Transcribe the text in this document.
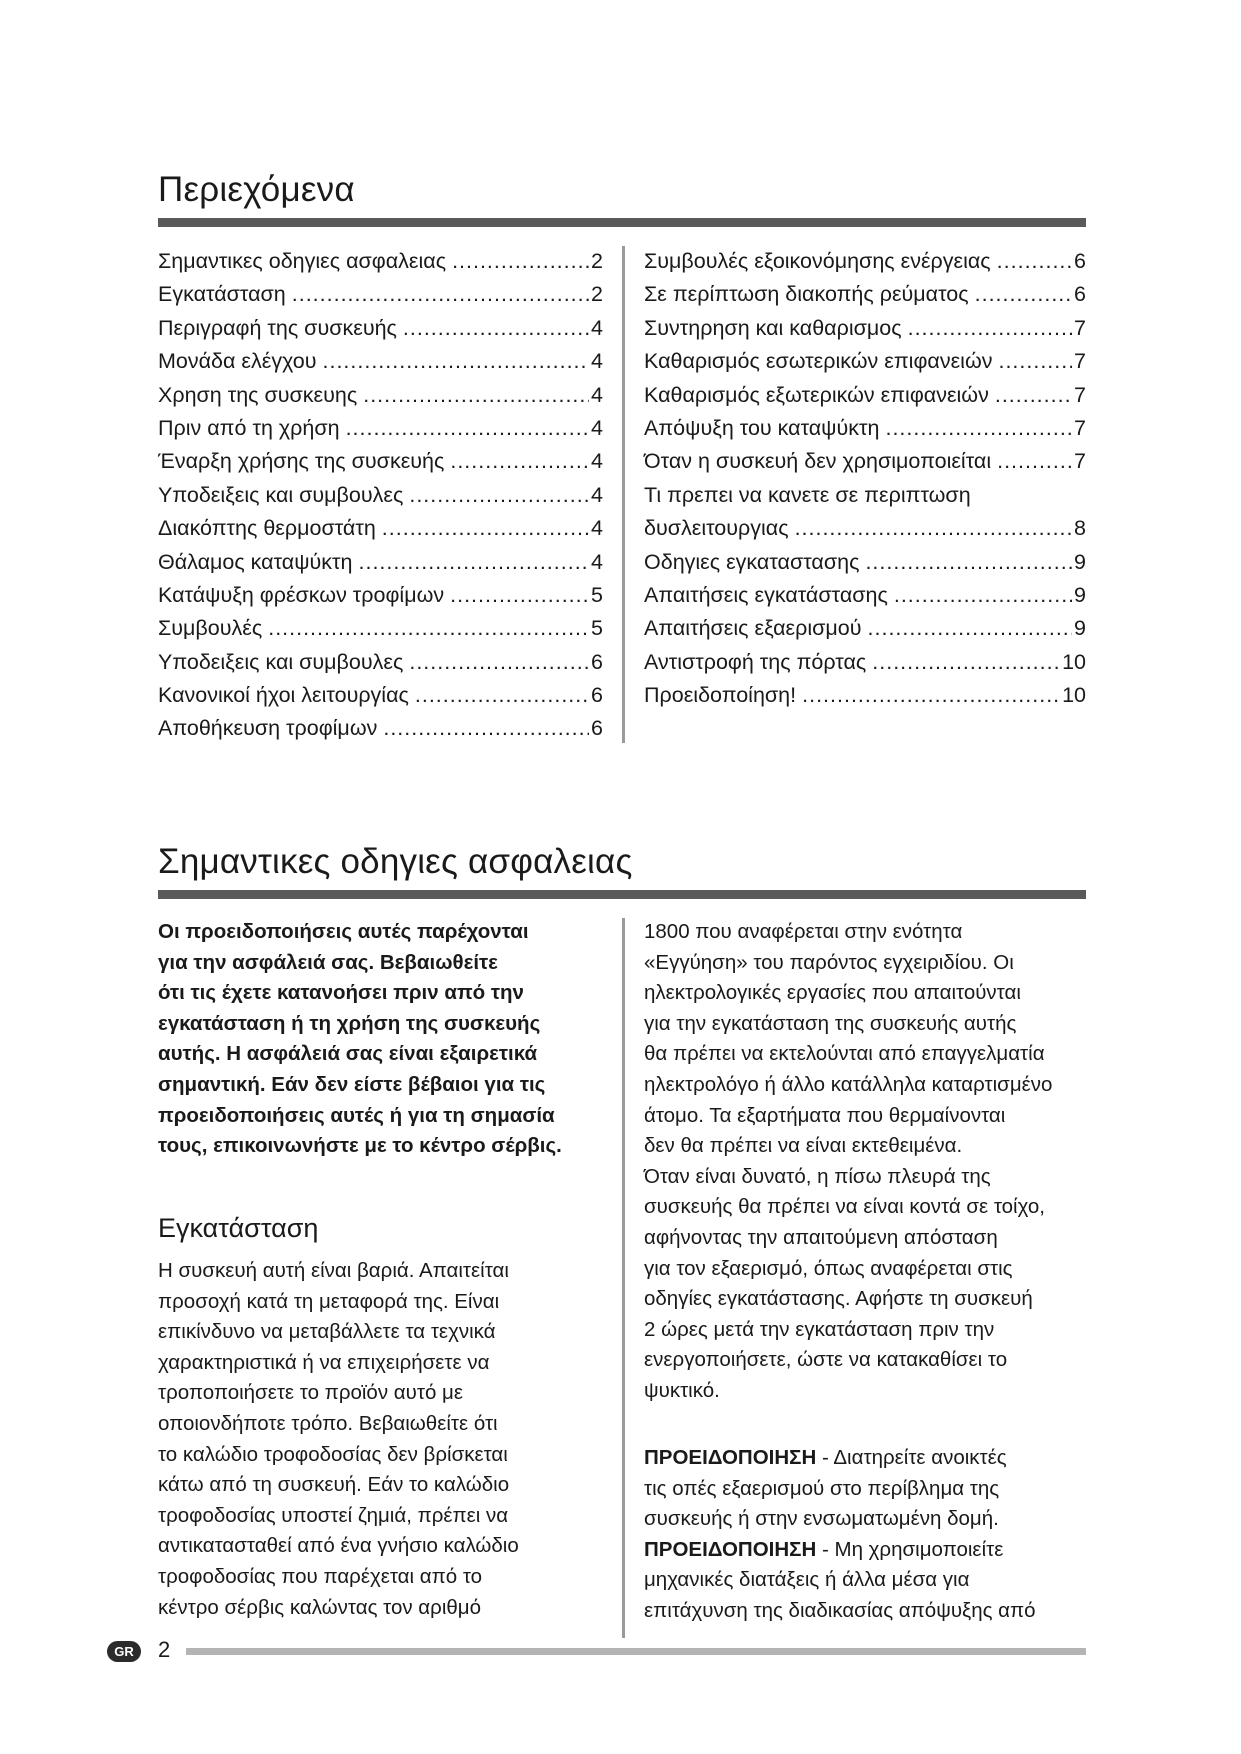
Περιεχόμενα
Σημαντικες οδηγιες ασφαλειας .....	2
Εγκατάσταση .....	2
Περιγραφή της συσκευής .....	4
Μονάδα ελέγχου .....	4
Χρηση της συσκευης .....	4
Πριν από τη χρήση .....	4
Έναρξη χρήσης της συσκευής .....	4
Υποδειξεις και συμβουλες .....	4
Διακόπτης θερμοστάτη .....	4
Θάλαμος καταψύκτη .....	4
Κατάψυξη φρέσκων τροφίμων .....	5
Συμβουλές .....	5
Υποδειξεις και συμβουλες .....	6
Κανονικοί ήχοι λειτουργίας .....	6
Αποθήκευση τροφίμων .....	6
Συμβουλές εξοικονόμησης ενέργειας .....	6
Σε περίπτωση διακοπής ρεύματος .....	6
Συντηρηση και καθαρισμος .....	7
Καθαρισμός εσωτερικών επιφανειών .....	7
Καθαρισμός εξωτερικών επιφανειών .....	7
Απόψυξη του καταψύκτη .....	7
Όταν η συσκευή δεν χρησιμοποιείται .....	7
Τι πρεπει να κανετε σε περιπτωση
δυσλειτουργιας .....	8
Οδηγιες εγκαταστασης .....	9
Απαιτήσεις εγκατάστασης .....	9
Απαιτήσεις εξαερισμού .....	9
Αντιστροφή της πόρτας .....	10
Προειδοποίηση! .....	10
Σημαντικες οδηγιες ασφαλειας
Οι προειδοποιήσεις αυτές παρέχονται
για την ασφάλειά σας. Βεβαιωθείτε
ότι τις έχετε κατανοήσει πριν από την
εγκατάσταση ή τη χρήση της συσκευής
αυτής. Η ασφάλειά σας είναι εξαιρετικά
σημαντική. Εάν δεν είστε βέβαιοι για τις
προειδοποιήσεις αυτές ή για τη σημασία
τους, επικοινωνήστε με το κέντρο σέρβις.
Εγκατάσταση
Η συσκευή αυτή είναι βαριά. Απαιτείται
προσοχή κατά τη μεταφορά της. Είναι
επικίνδυνο να μεταβάλλετε τα τεχνικά
χαρακτηριστικά ή να επιχειρήσετε να
τροποποιήσετε το προϊόν αυτό με
οποιονδήποτε τρόπο. Βεβαιωθείτε ότι
το καλώδιο τροφοδοσίας δεν βρίσκεται
κάτω από τη συσκευή. Εάν το καλώδιο
τροφοδοσίας υποστεί ζημιά, πρέπει να
αντικατασταθεί από ένα γνήσιο καλώδιο
τροφοδοσίας που παρέχεται από το
κέντρο σέρβις καλώντας τον αριθμό
1800 που αναφέρεται στην ενότητα
«Εγγύηση» του παρόντος εγχειριδίου. Οι
ηλεκτρολογικές εργασίες που απαιτούνται
για την εγκατάσταση της συσκευής αυτής
θα πρέπει να εκτελούνται από επαγγελματία
ηλεκτρολόγο ή άλλο κατάλληλα καταρτισμένο
άτομο. Τα εξαρτήματα που θερμαίνονται
δεν θα πρέπει να είναι εκτεθειμένα.
Όταν είναι δυνατό, η πίσω πλευρά της
συσκευής θα πρέπει να είναι κοντά σε τοίχο,
αφήνοντας την απαιτούμενη απόσταση
για τον εξαερισμό, όπως αναφέρεται στις
οδηγίες εγκατάστασης. Αφήστε τη συσκευή
2 ώρες μετά την εγκατάσταση πριν την
ενεργοποιήσετε, ώστε να κατακαθίσει το
ψυκτικό.
ΠΡΟΕΙΔΟΠΟΙΗΣΗ - Διατηρείτε ανοικτές
τις οπές εξαερισμού στο περίβλημα της
συσκευής ή στην ενσωματωμένη δομή.
ΠΡΟΕΙΔΟΠΟΙΗΣΗ - Μη χρησιμοποιείτε
μηχανικές διατάξεις ή άλλα μέσα για
επιτάχυνση της διαδικασίας απόψυξης από
GR	2
